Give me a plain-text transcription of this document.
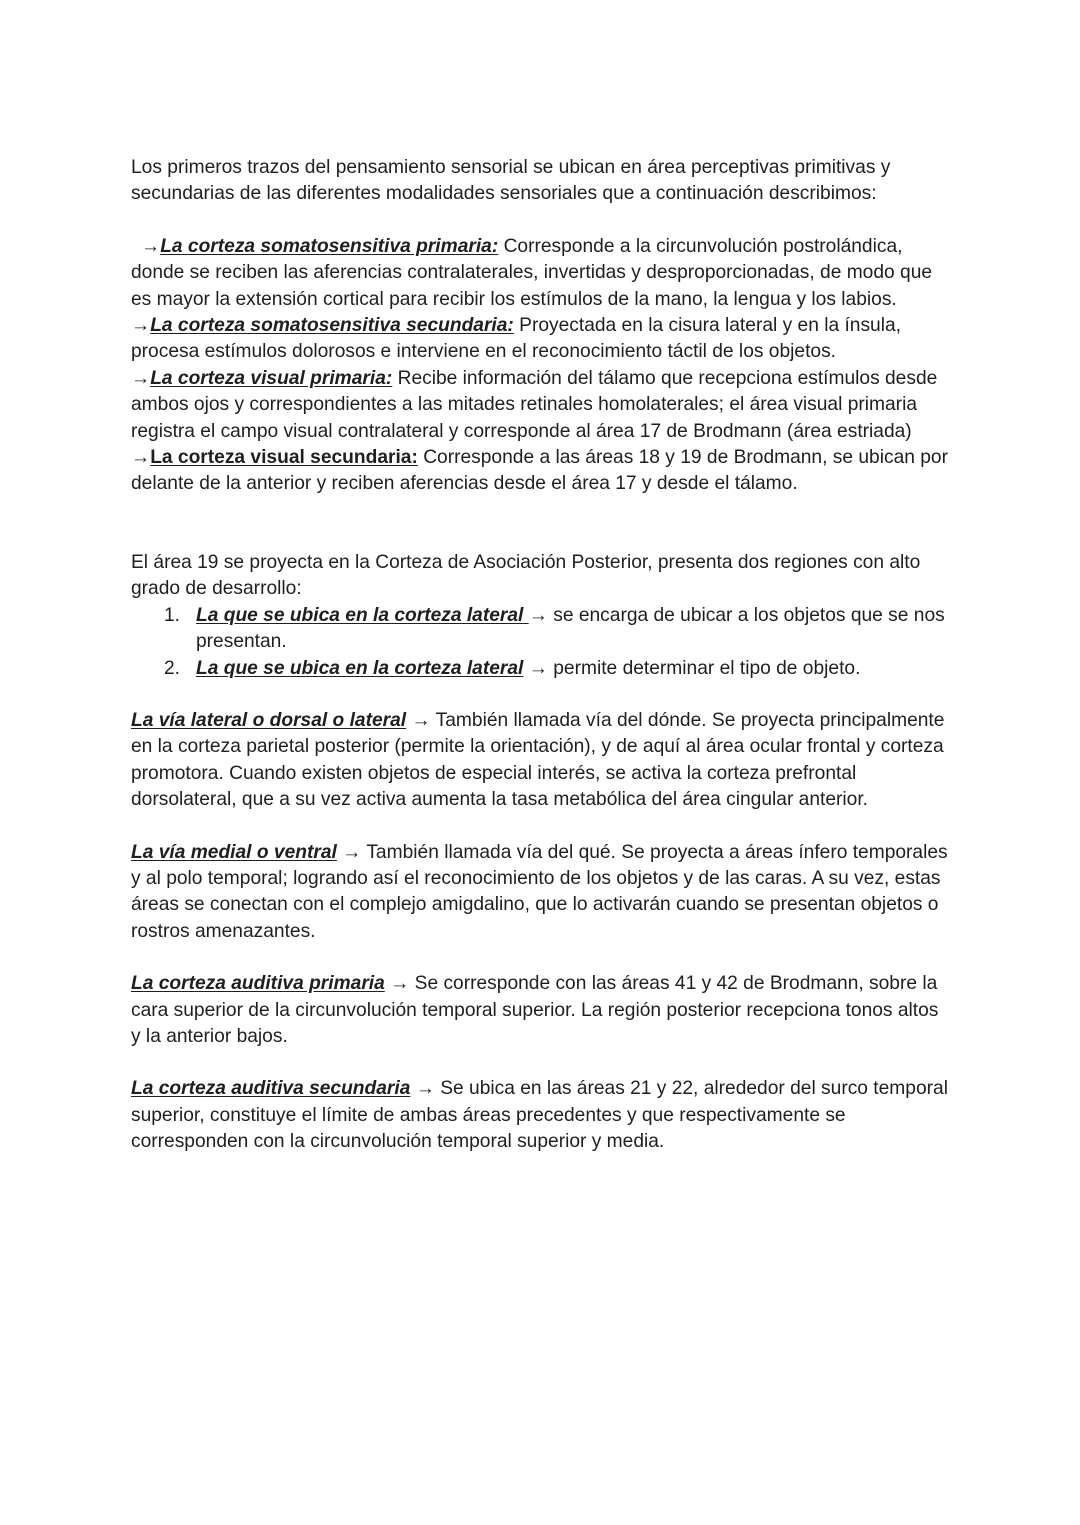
Los primeros trazos del pensamiento sensorial se ubican en área perceptivas primitivas y secundarias de las diferentes modalidades sensoriales que a continuación describimos:

→La corteza somatosensitiva primaria: Corresponde a la circunvolución postrolándica, donde se reciben las aferencias contralaterales, invertidas y desproporcionadas, de modo que es mayor la extensión cortical para recibir los estímulos de la mano, la lengua y los labios.

→La corteza somatosensitiva secundaria: Proyectada en la cisura lateral y en la ínsula, procesa estímulos dolorosos e interviene en el reconocimiento táctil de los objetos.

→La corteza visual primaria: Recibe información del tálamo que recepciona estímulos desde ambos ojos y correspondientes a las mitades retinales homolaterales; el área visual primaria registra el campo visual contralateral y corresponde al área 17 de Brodmann (área estriada)

→La corteza visual secundaria: Corresponde a las áreas 18 y 19 de Brodmann, se ubican por delante de la anterior y reciben aferencias desde el área 17 y desde el tálamo.

El área 19 se proyecta en la Corteza de Asociación Posterior, presenta dos regiones con alto grado de desarrollo:

1. La que se ubica en la corteza lateral → se encarga de ubicar a los objetos que se nos presentan.
2. La que se ubica en la corteza lateral → permite determinar el tipo de objeto.

La vía lateral o dorsal o lateral → También llamada vía del dónde. Se proyecta principalmente en la corteza parietal posterior (permite la orientación), y de aquí al área ocular frontal y corteza promotora. Cuando existen objetos de especial interés, se activa la corteza prefrontal dorsolateral, que a su vez activa aumenta la tasa metabólica del área cingular anterior.

La vía medial o ventral → También llamada vía del qué. Se proyecta a áreas ínfero temporales y al polo temporal; logrando así el reconocimiento de los objetos y de las caras. A su vez, estas áreas se conectan con el complejo amigdalino, que lo activarán cuando se presentan objetos o rostros amenazantes.

La corteza auditiva primaria → Se corresponde con las áreas 41 y 42 de Brodmann, sobre la cara superior de la circunvolución temporal superior. La región posterior recepciona tonos altos y la anterior bajos.

La corteza auditiva secundaria → Se ubica en las áreas 21 y 22, alrededor del surco temporal superior, constituye el límite de ambas áreas precedentes y que respectivamente se corresponden con la circunvolución temporal superior y media.
